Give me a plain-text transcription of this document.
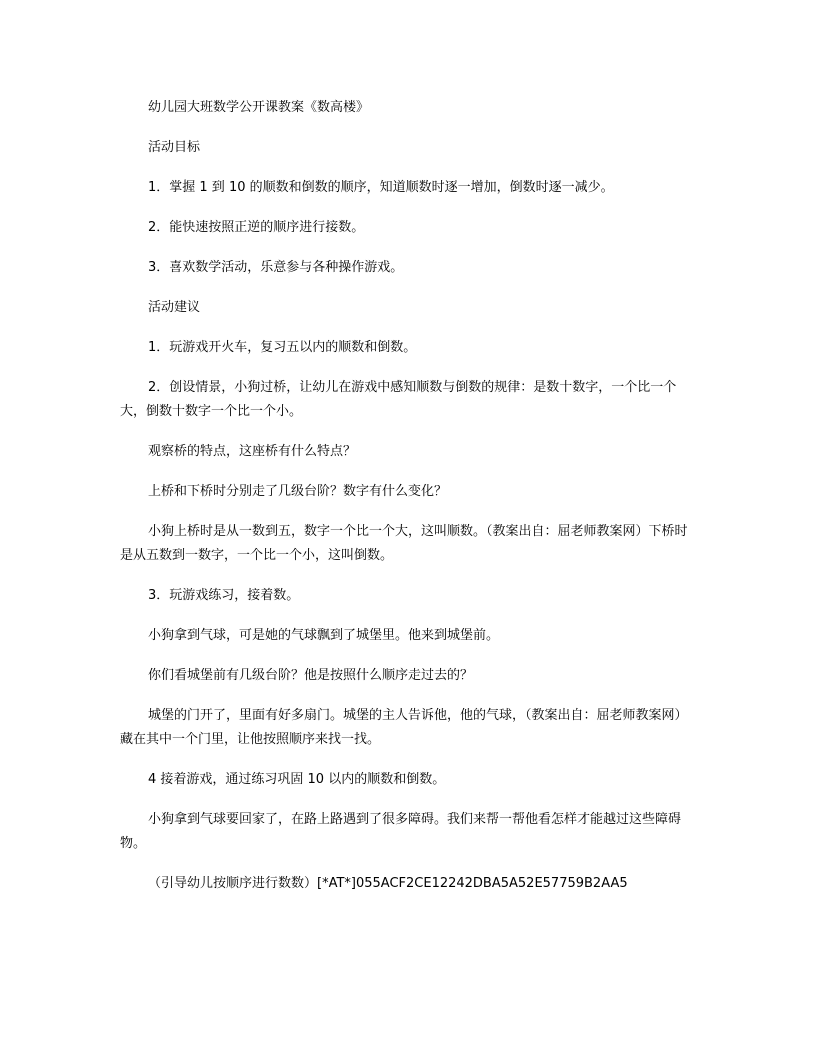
幼儿园大班数学公开课教案《数高楼》

活动目标

1．掌握 1 到 10 的顺数和倒数的顺序，知道顺数时逐一增加，倒数时逐一减少。

2．能快速按照正逆的顺序进行接数。

3．喜欢数学活动，乐意参与各种操作游戏。

活动建议

1．玩游戏开火车，复习五以内的顺数和倒数。

2．创设情景，小狗过桥，让幼儿在游戏中感知顺数与倒数的规律：是数十数字，一个比一个大，倒数十数字一个比一个小。

观察桥的特点，这座桥有什么特点？

上桥和下桥时分别走了几级台阶？数字有什么变化？

小狗上桥时是从一数到五，数字一个比一个大，这叫顺数。（教案出自：屈老师教案网）下桥时是从五数到一数字，一个比一个小，这叫倒数。

3．玩游戏练习，接着数。

小狗拿到气球，可是她的气球飘到了城堡里。他来到城堡前。

你们看城堡前有几级台阶？他是按照什么顺序走过去的？

城堡的门开了，里面有好多扇门。城堡的主人告诉他，他的气球，（教案出自：屈老师教案网）藏在其中一个门里，让他按照顺序来找一找。

4 接着游戏，通过练习巩固 10 以内的顺数和倒数。

小狗拿到气球要回家了，在路上路遇到了很多障碍。我们来帮一帮他看怎样才能越过这些障碍物。

（引导幼儿按顺序进行数数）[*AT*]055ACF2CE12242DBA5A52E57759B2AA5
